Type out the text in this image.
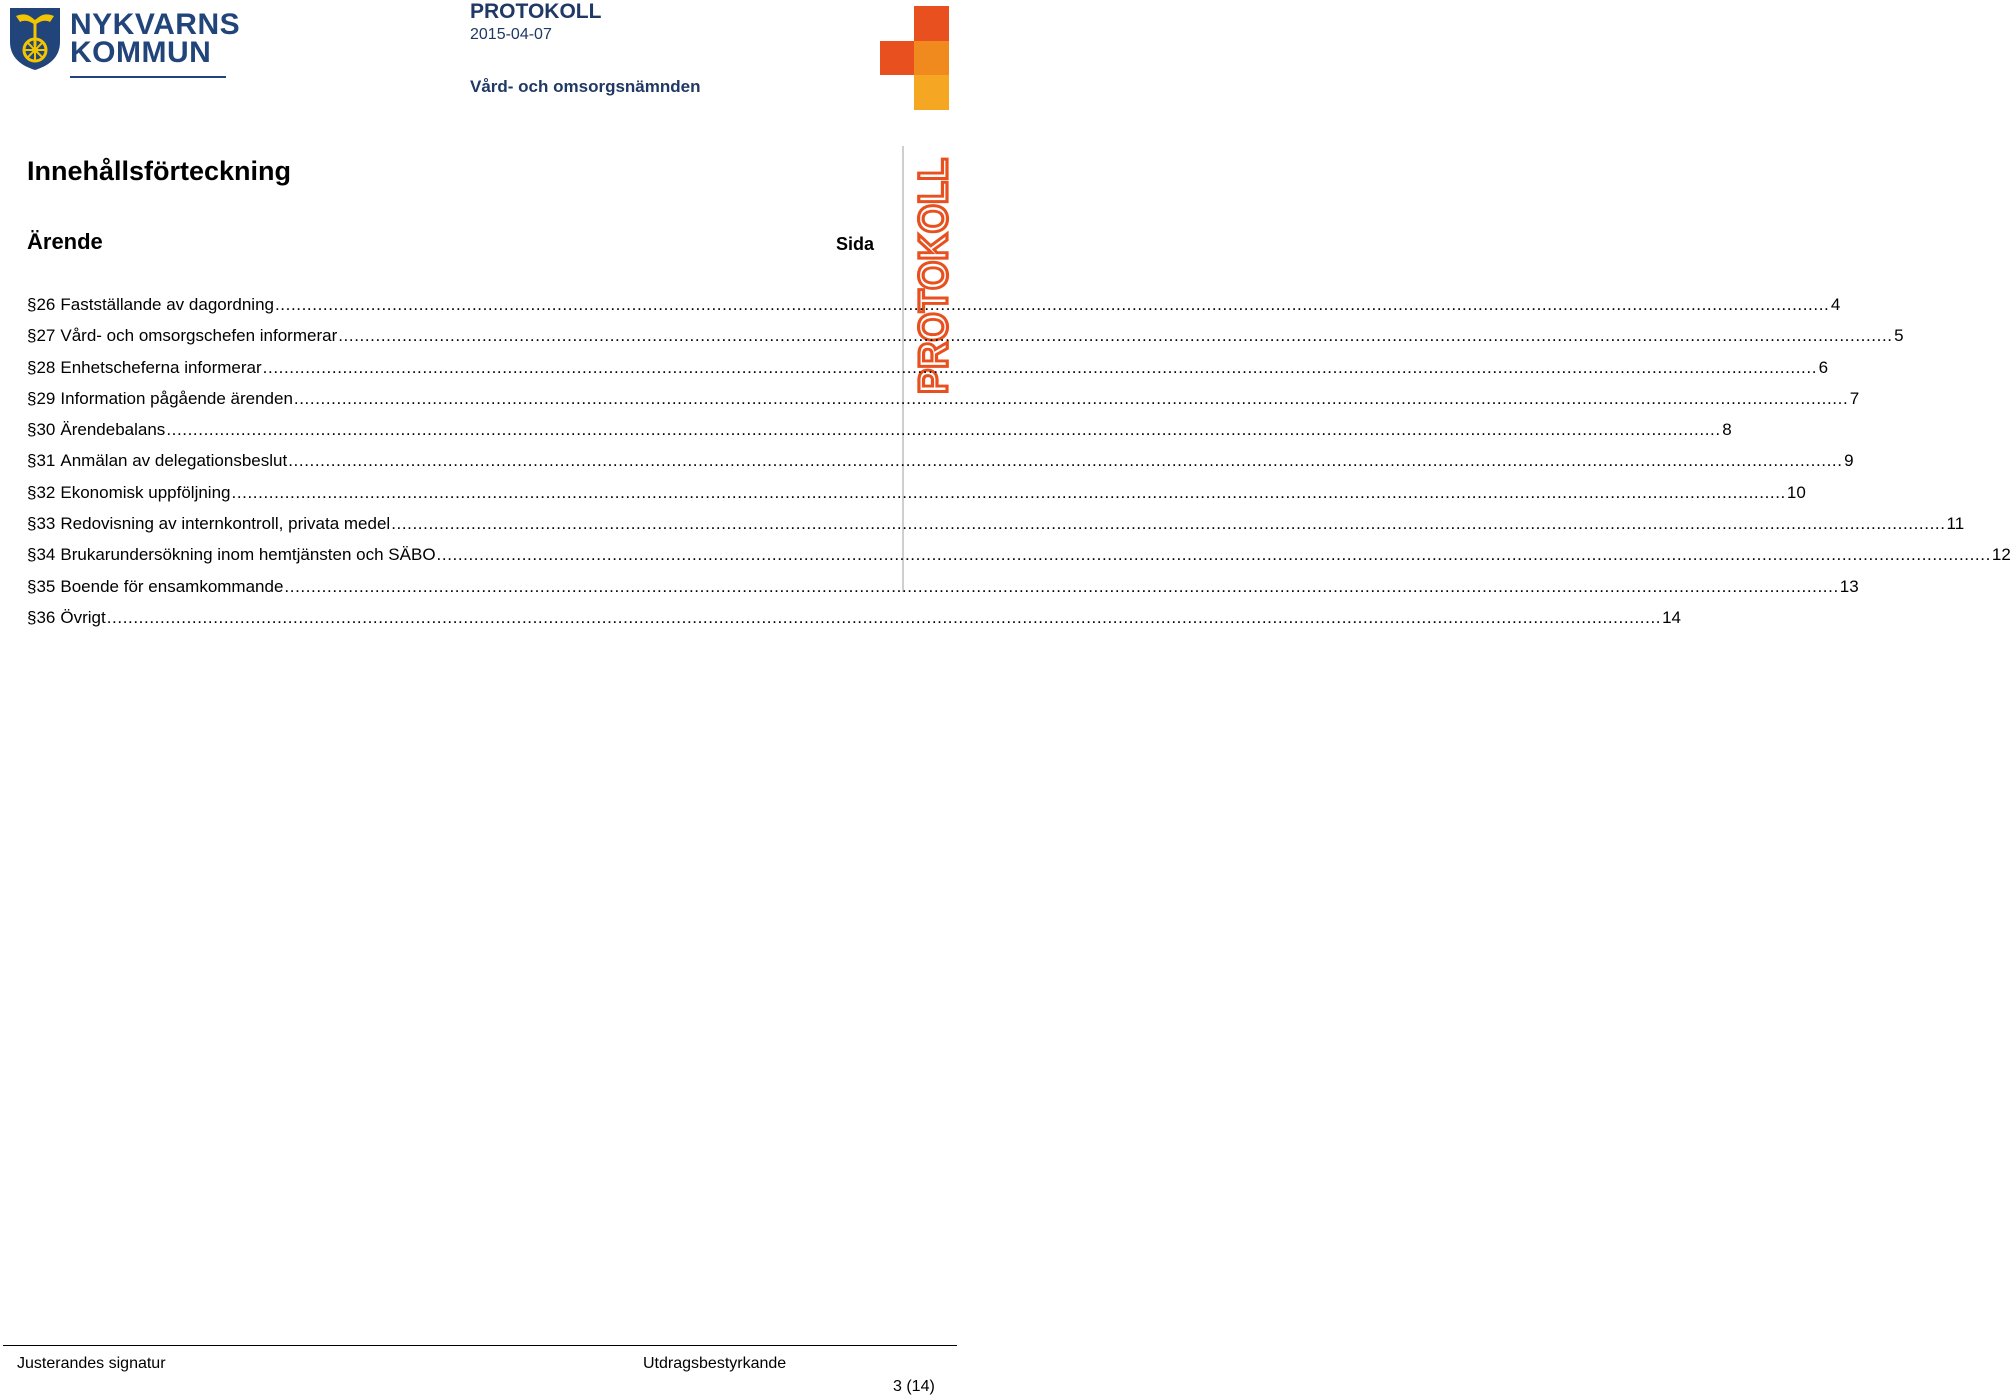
NYKVARNS
KOMMUN
PROTOKOLL
2015-04-07
Vård- och omsorgsnämnden
PROTOKOLL
Innehållsförteckning
Ärende	Sida
§ 26 Fastställande av dagordning .....	4
§ 27 Vård- och omsorgschefen informerar .....	5
§ 28 Enhetscheferna informerar .....	6
§ 29 Information pågående ärenden .....	7
§ 30 Ärendebalans .....	8
§ 31 Anmälan av delegationsbeslut .....	9
§ 32 Ekonomisk uppföljning .....	10
§ 33 Redovisning av internkontroll, privata medel .....	11
§ 34 Brukarundersökning inom hemtjänsten och SÄBO .....	12
§ 35 Boende för ensamkommande .....	13
§ 36 Övrigt .....	14
Justerandes signatur	Utdragsbestyrkande
3 (14)
